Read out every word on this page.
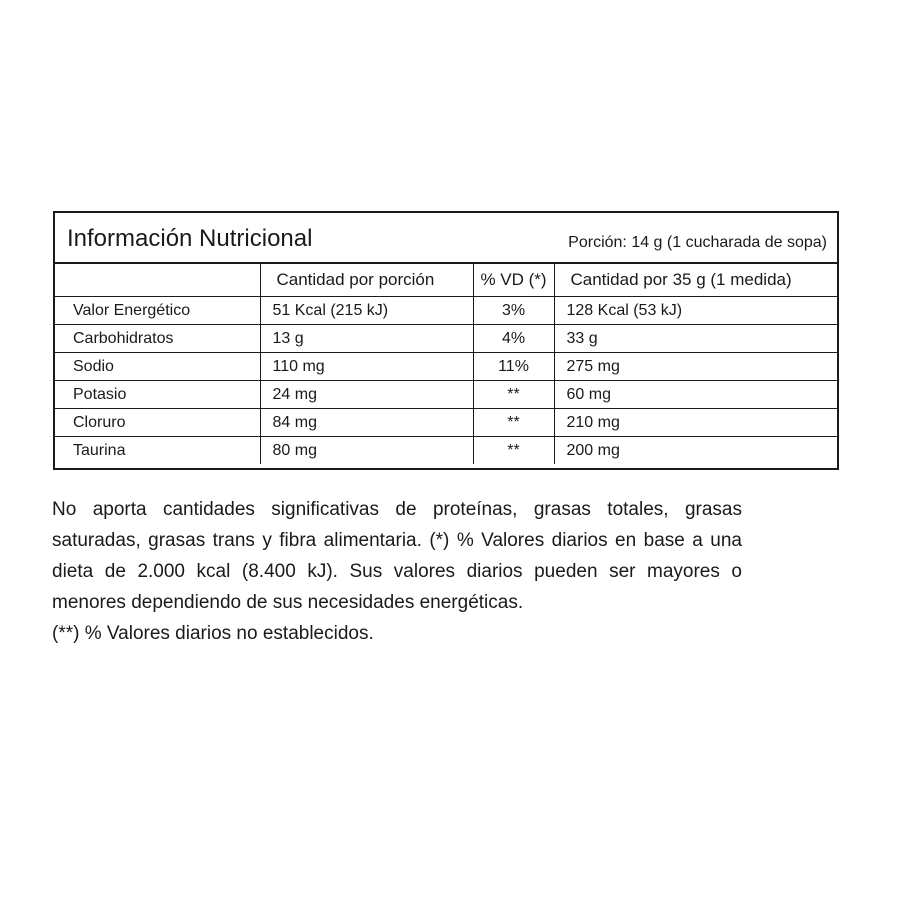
Información Nutricional	Porción: 14 g (1 cucharada de sopa)
	Cantidad por porción	% VD (*)	Cantidad por 35 g (1 medida)
Valor Energético	51 Kcal (215 kJ)	3%	128 Kcal (53 kJ)
Carbohidratos	13 g	4%	33 g
Sodio	110 mg	11%	275 mg
Potasio	24 mg	**	60 mg
Cloruro	84 mg	**	210 mg
Taurina	80 mg	**	200 mg

No aporta cantidades significativas de proteínas, grasas totales, grasas saturadas, grasas trans y fibra alimentaria. (*) % Valores diarios en base a una dieta de 2.000 kcal (8.400 kJ). Sus valores diarios pueden ser mayores o menores dependiendo de sus necesidades energéticas.

(**) % Valores diarios no establecidos.
